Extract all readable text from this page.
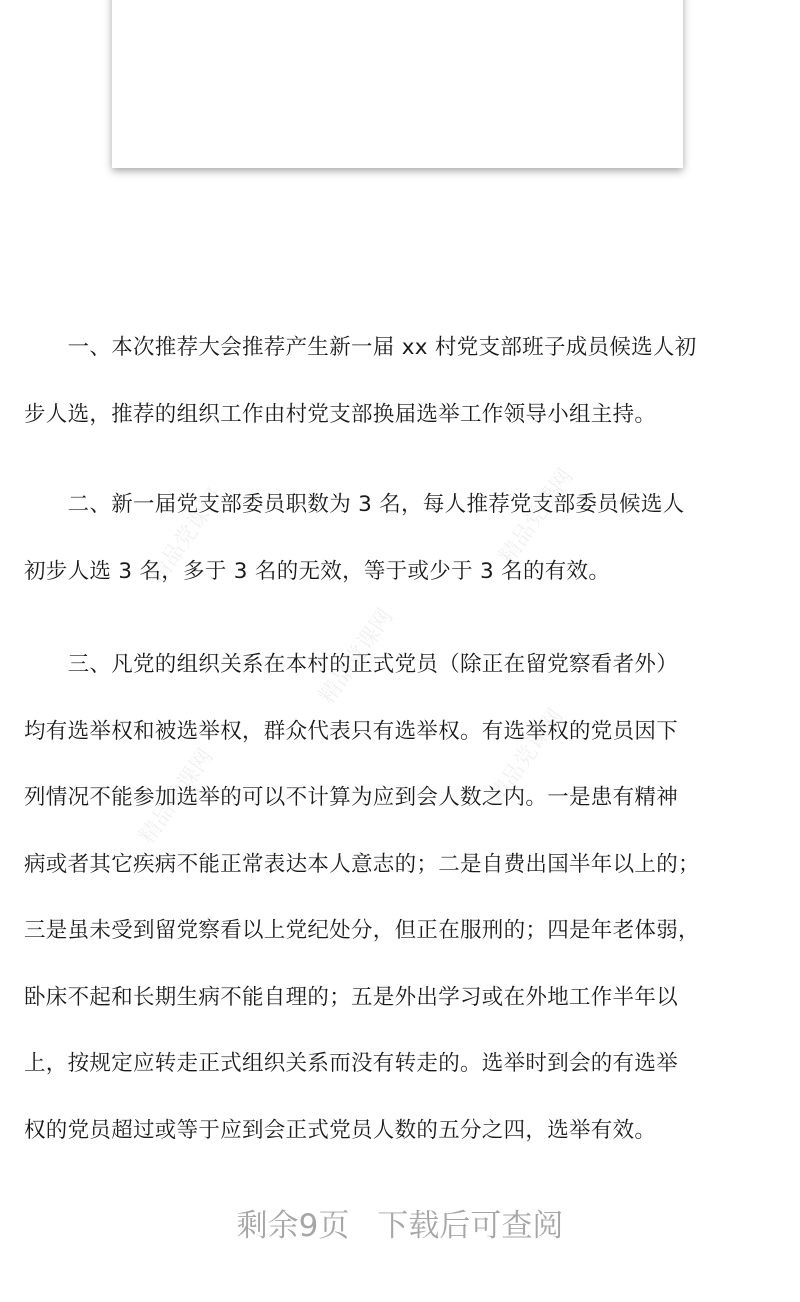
精品党课网	精品党课网
精品党课网
精品党课网	精品党课网
　　一、本次推荐大会推荐产生新一届 xx 村党支部班子成员候选人初
步人选，推荐的组织工作由村党支部换届选举工作领导小组主持。
　　二、新一届党支部委员职数为 3 名，每人推荐党支部委员候选人
初步人选 3 名，多于 3 名的无效，等于或少于 3 名的有效。
　　三、凡党的组织关系在本村的正式党员（除正在留党察看者外）
均有选举权和被选举权，群众代表只有选举权。有选举权的党员因下
列情况不能参加选举的可以不计算为应到会人数之内。一是患有精神
病或者其它疾病不能正常表达本人意志的；二是自费出国半年以上的；
三是虽未受到留党察看以上党纪处分，但正在服刑的；四是年老体弱，
卧床不起和长期生病不能自理的；五是外出学习或在外地工作半年以
上，按规定应转走正式组织关系而没有转走的。选举时到会的有选举
权的党员超过或等于应到会正式党员人数的五分之四，选举有效。
剩余9页 下载后可查阅
